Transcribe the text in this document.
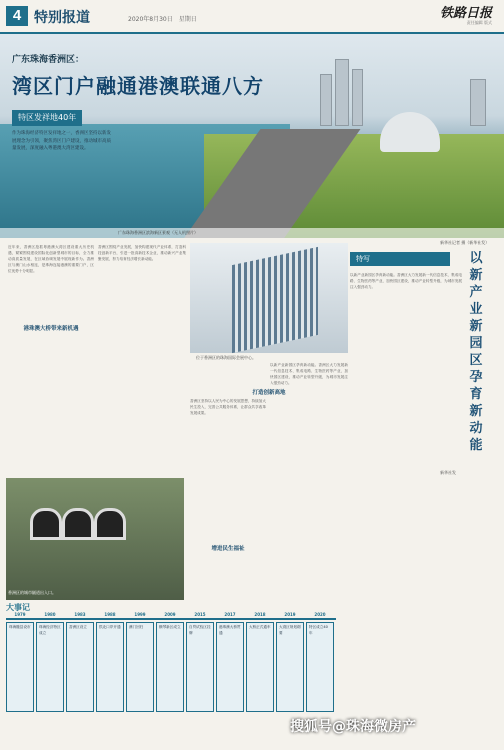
4 特别报道	2020年8月30日　星期日	铁路日报
责任编辑 版式
广东珠海香洲区滨海新区景观（无人机照片）
广东珠海香洲区：
湾区门户融通港澳联通八方
特区发祥地40年
作为珠海经济特区发祥地之一，香洲区坚持以新发展理念为引领，聚焦湾区门户建设，推动城市高质量发展，深度融入粤港澳大湾区建设。
新华社记者 摄（新华社发）
近年来，香洲区抢抓粤港澳大湾区建设重大历史机遇，紧紧围绕建设国际化创新型城市的目标，全力推动高质量发展，在区域协调发展中展现新作为。香洲区与澳门山水相连，是珠海连接港澳的重要门户，区位优势十分明显。
港珠澳大桥带来新机遇
香洲区围绕产业发展，加快构建现代产业体系，打造科技创新平台，引进一批高新技术企业，推动新兴产业集聚发展，努力培育经济增长新动能。
位于香洲区的珠海国际会展中心。
打造创新高地
香洲区坚持以人民为中心的发展思想，持续加大民生投入，完善公共服务体系，让群众共享改革发展成果。
增进民生福祉
以新产业新园区孕育新动能。香洲区大力发展新一代信息技术、集成电路、生物医药等产业，加快园区建设，推动产业转型升级，为城市发展注入强劲动力。
香洲区的城市隧道出入口。
特写	以新产业新园区孕育新动能
以新产业新园区孕育新动能。香洲区大力发展新一代信息技术、集成电路、生物医药等产业，加快园区建设，推动产业转型升级，为城市发展注入强劲动力。
新华社发
大事记
1979
珠海撤县设市
1980
珠海经济特区成立
1983
香洲区设立
1988
拱北口岸开通
1999
澳门回归
2009
横琴新区成立
2015
自贸试验区挂牌
2017
港珠澳大桥贯通
2018
大桥正式通车
2019
大湾区规划纲要
2020
特区成立40年
搜狐号@珠海微房产
